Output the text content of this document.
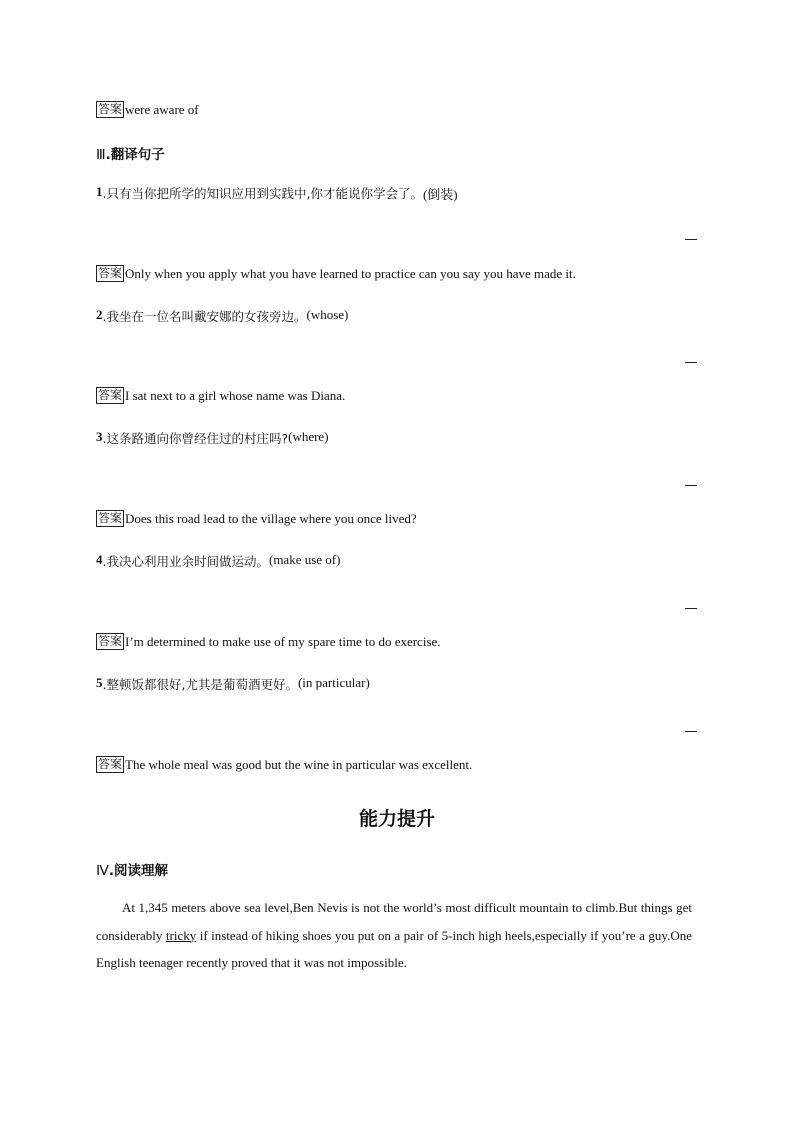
答案 were aware of
Ⅲ.翻译句子
1 .只有当你把所学的知识应用到实践中,你才能说你学会了。 (倒装)
答案 Only when you apply what you have learned to practice can you say you have made it.
2 .我坐在一位名叫戴安娜的女孩旁边。 (whose)
答案 I sat next to a girl whose name was Diana.
3 .这条路通向你曾经住过的村庄吗? (where)
答案 Does this road lead to the village where you once lived?
4 .我决心利用业余时间做运动。 (make use of)
答案 I’m determined to make use of my spare time to do exercise.
5 .整顿饭都很好,尤其是葡萄酒更好。 (in particular)
答案 The whole meal was good but the wine in particular was excellent.
能力提升
Ⅳ.阅读理解
At 1,345 meters above sea level,Ben Nevis is not the world’s most difficult mountain to climb.But things get considerably tricky if instead of hiking shoes you put on a pair of 5-inch high heels,especially if you’re a guy.One English teenager recently proved that it was not impossible.
